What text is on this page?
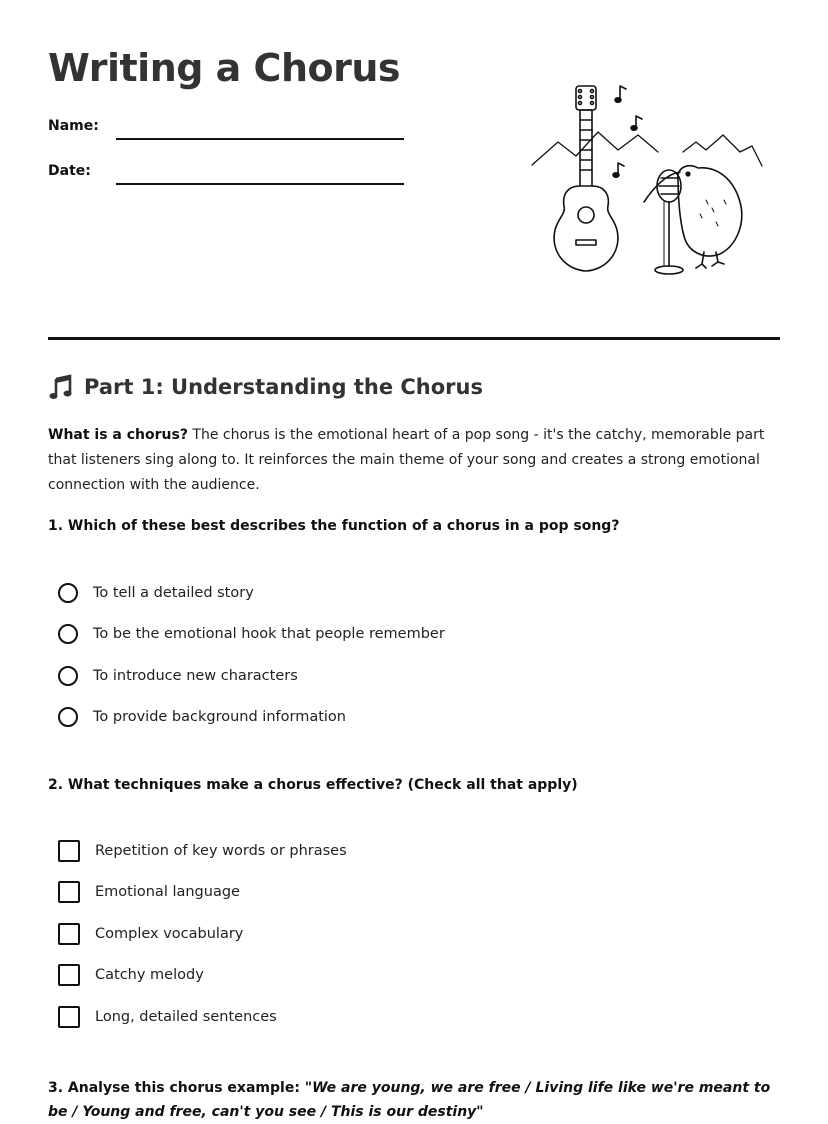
Writing a Chorus
Name:
Date:
Part 1: Understanding the Chorus

What is a chorus? The chorus is the emotional heart of a pop song - it's the catchy, memorable part that listeners sing along to. It reinforces the main theme of your song and creates a strong emotional connection with the audience.

1. Which of these best describes the function of a chorus in a pop song?

To tell a detailed story
To be the emotional hook that people remember
To introduce new characters
To provide background information

2. What techniques make a chorus effective? (Check all that apply)

Repetition of key words or phrases
Emotional language
Complex vocabulary
Catchy melody
Long, detailed sentences

3. Analyse this chorus example: "We are young, we are free / Living life like we're meant to be / Young and free, can't you see / This is our destiny"
